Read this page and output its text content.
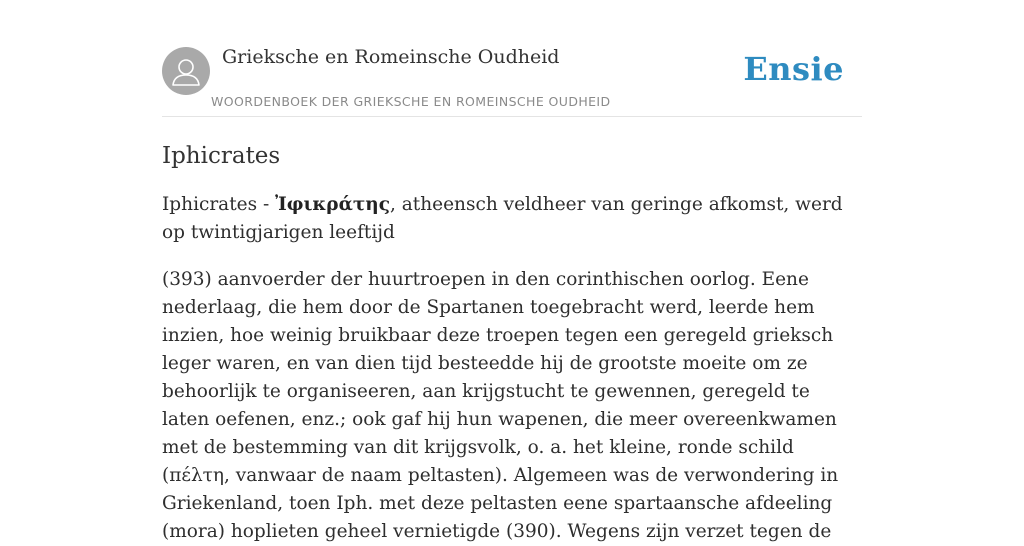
Grieksche en Romeinsche Oudheid
WOORDENBOEK DER GRIEKSCHE EN ROMEINSCHE OUDHEID
Ensie
Iphicrates

Iphicrates - Ἰφικράτης, atheensch veldheer van geringe afkomst, werd op twintigjarigen leeftijd

(393) aanvoerder der huurtroepen in den corinthischen oorlog. Eene nederlaag, die hem door de Spartanen toegebracht werd, leerde hem inzien, hoe weinig bruikbaar deze troepen tegen een geregeld grieksch leger waren, en van dien tijd besteedde hij de grootste moeite om ze behoorlijk te organiseeren, aan krijgstucht te gewennen, geregeld te laten oefenen, enz.; ook gaf hij hun wapenen, die meer overeenkwamen met de bestemming van dit krijgsvolk, o. a. het kleine, ronde schild (πέλτη, vanwaar de naam peltasten). Algemeen was de verwondering in Griekenland, toen Iph. met deze peltasten eene spartaansche afdeeling (mora) hoplieten geheel vernietigde (390). Wegens zijn verzet tegen de
